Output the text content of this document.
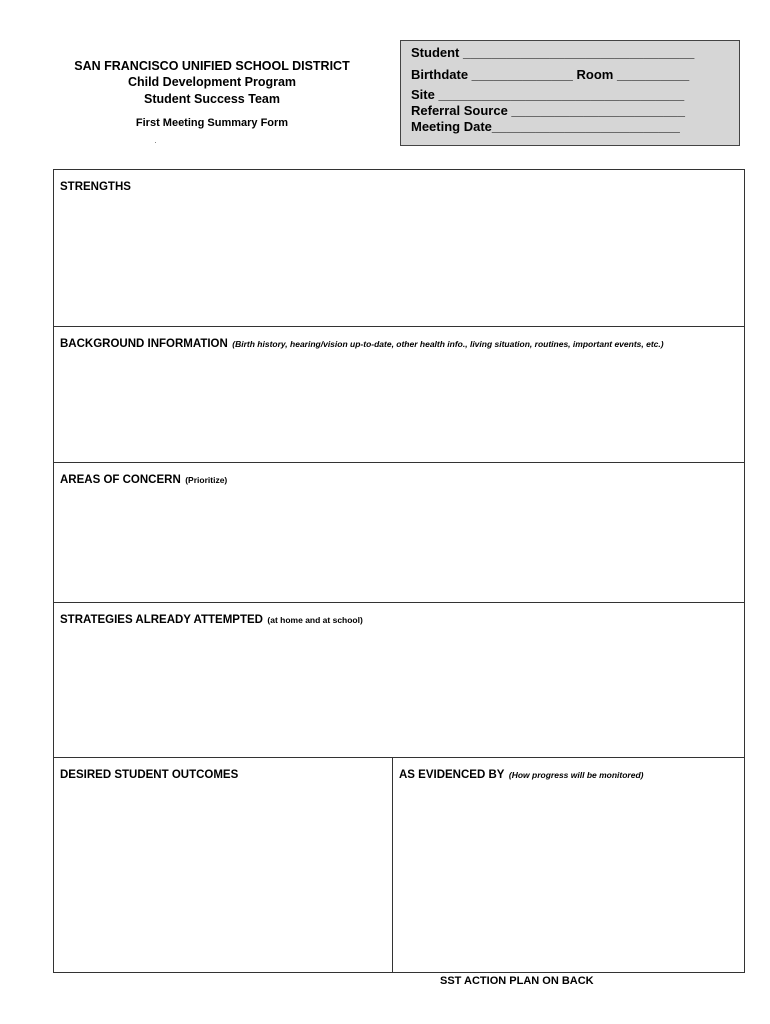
SAN FRANCISCO UNIFIED SCHOOL DISTRICT
Child Development Program
Student Success Team
First Meeting Summary Form
Student ________________________________
Birthdate ______________ Room __________
Site __________________________________
Referral Source ________________________
Meeting Date__________________________
STRENGTHS
BACKGROUND INFORMATION (Birth history, hearing/vision up-to-date, other health info., living situation, routines, important events, etc.)
AREAS OF CONCERN (Prioritize)
STRATEGIES ALREADY ATTEMPTED (at home and at school)
DESIRED STUDENT OUTCOMES	AS EVIDENCED BY (How progress will be monitored)
SST ACTION PLAN ON BACK
